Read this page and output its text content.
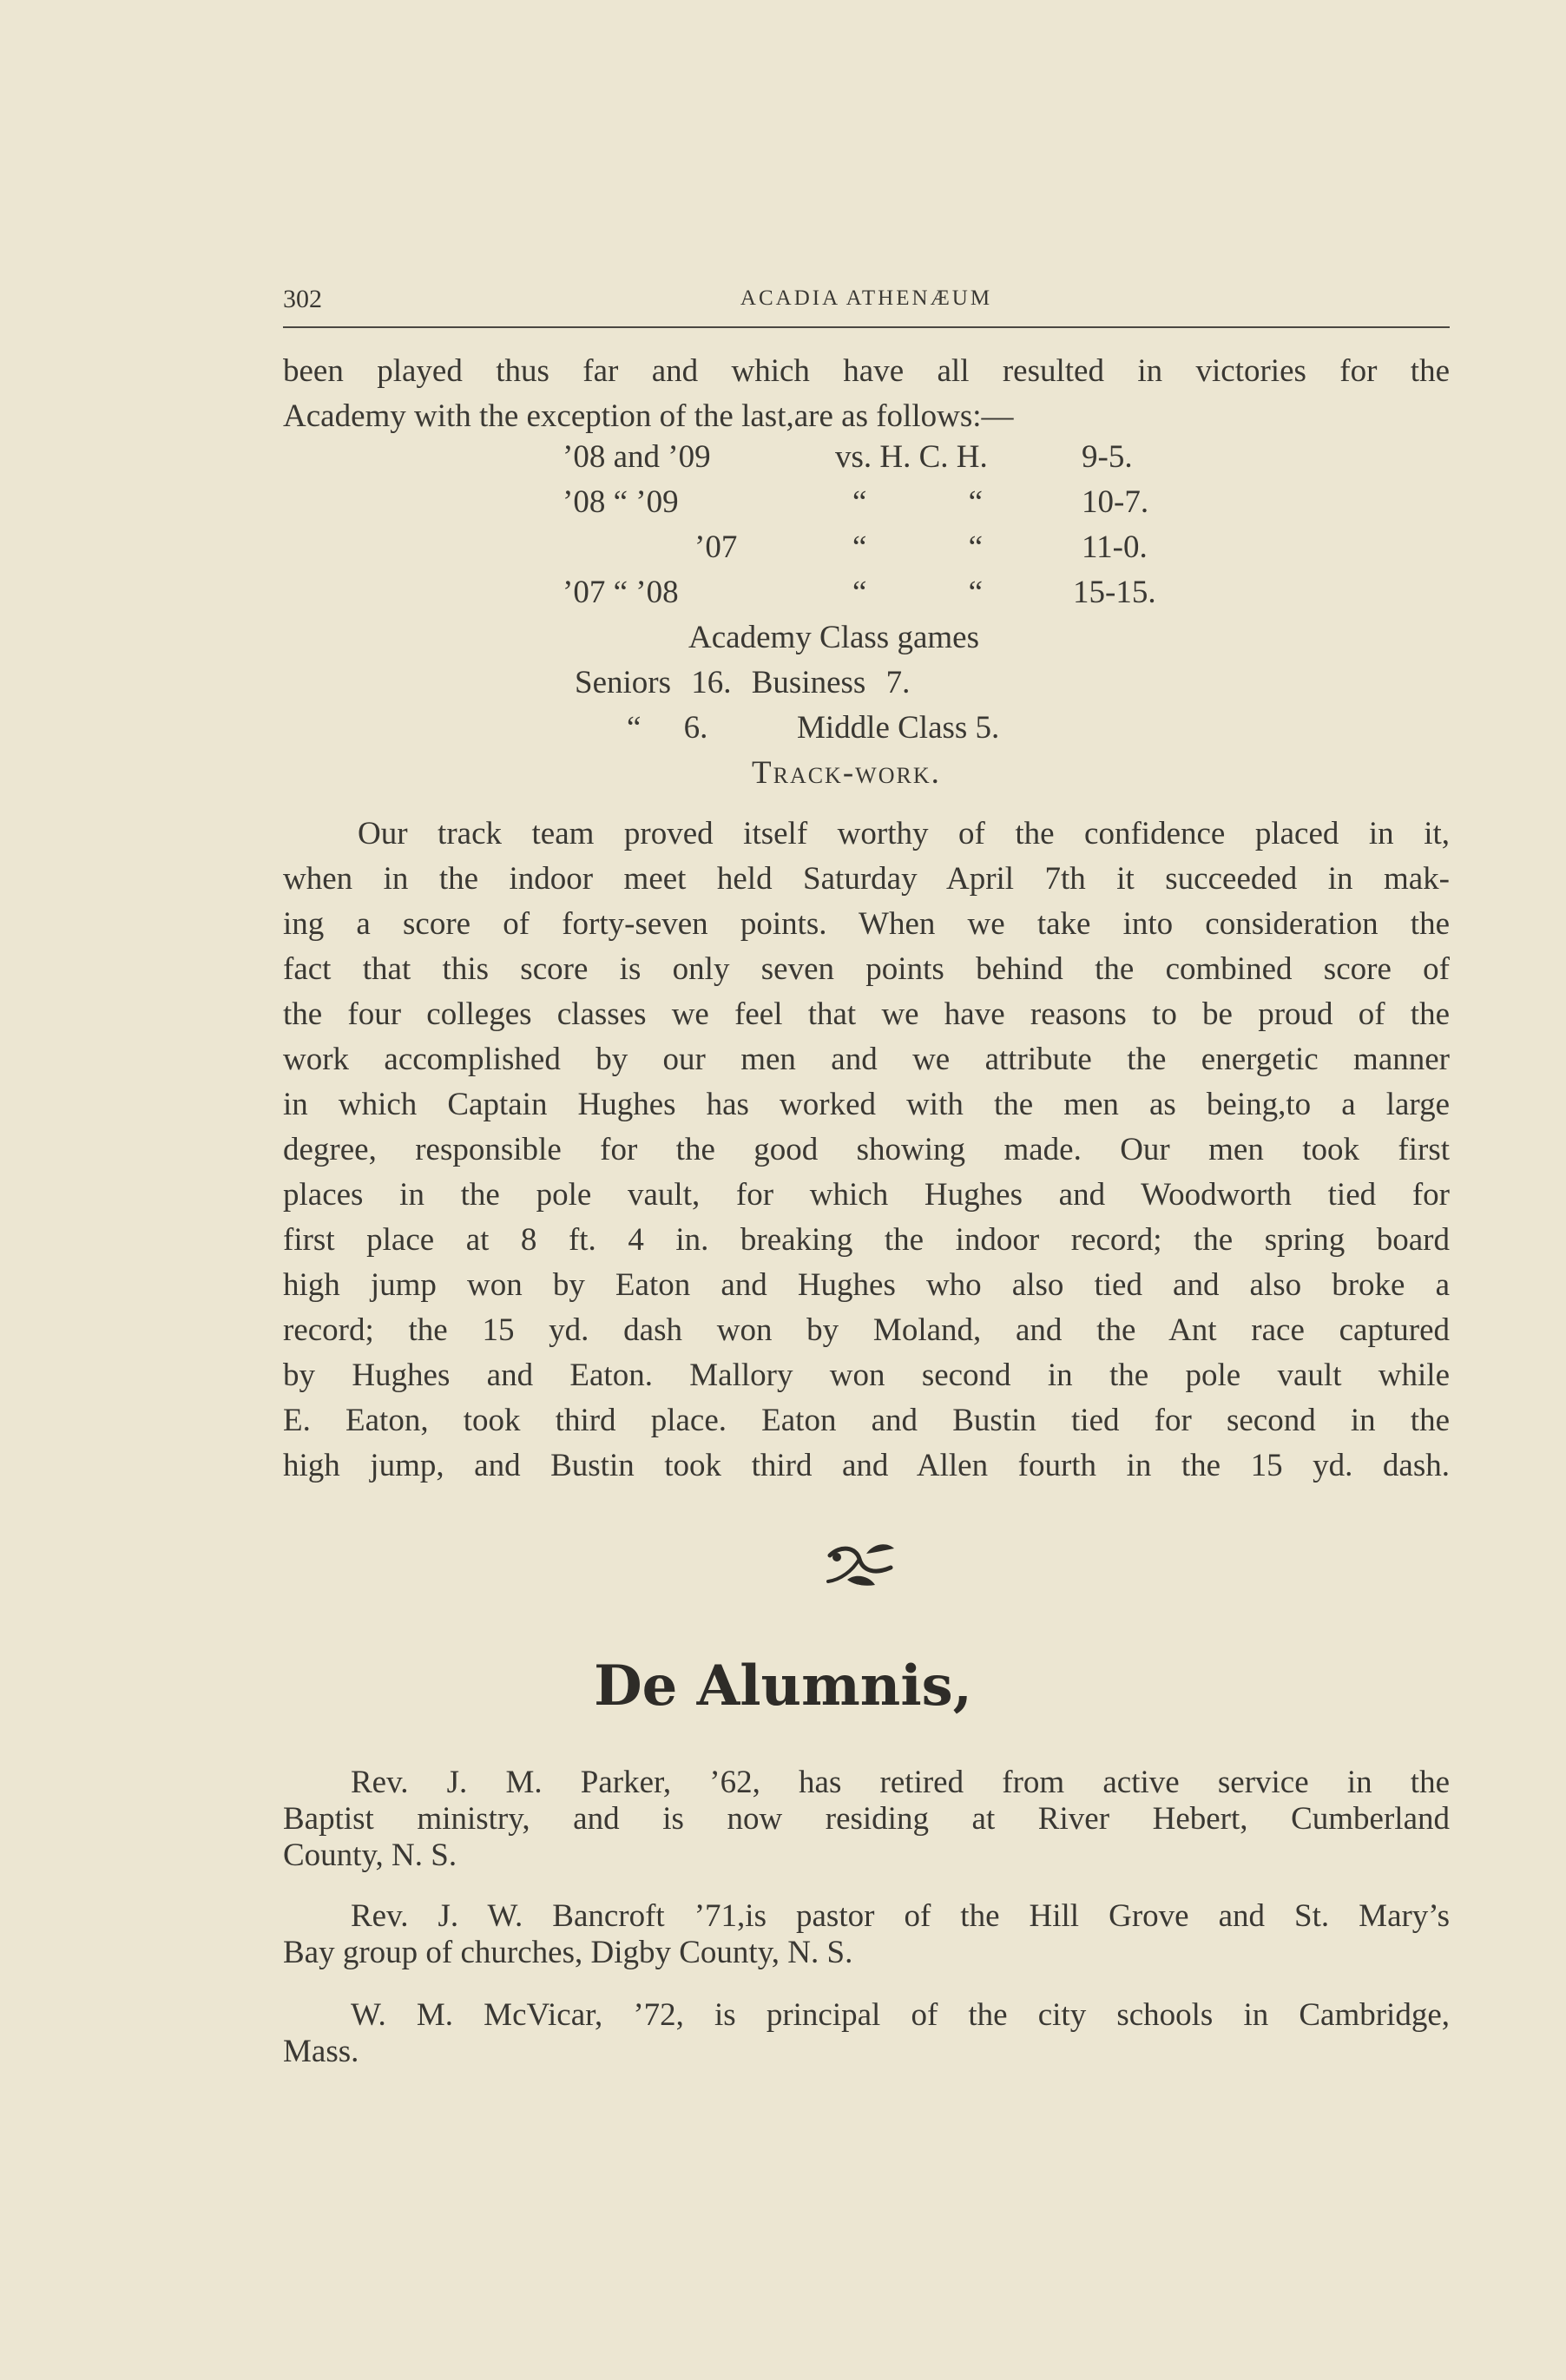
302	ACADIA ATHENÆUM
been played thus far and which have all resulted in victories for the
Academy with the exception of the last,are as follows:—
’08 and ’09	vs. H. C. H.	9-5.
’08 “ ’09	“ “	10-7.
’07	“ “	11-0.
’07 “ ’08	“ “	15-15.
Academy Class games
Seniors 16. Business 7.
“ 6.	Middle Class 5.
Track-work.
Our track team proved itself worthy of the confidence placed in it,
when in the indoor meet held Saturday April 7th it succeeded in mak-
ing a score of forty-seven points. When we take into consideration the
fact that this score is only seven points behind the combined score of
the four colleges classes we feel that we have reasons to be proud of the
work accomplished by our men and we attribute the energetic manner
in which Captain Hughes has worked with the men as being,to a large
degree, responsible for the good showing made. Our men took first
places in the pole vault, for which Hughes and Woodworth tied for
first place at 8 ft. 4 in. breaking the indoor record; the spring board
high jump won by Eaton and Hughes who also tied and also broke a
record; the 15 yd. dash won by Moland, and the Ant race captured
by Hughes and Eaton. Mallory won second in the pole vault while
E. Eaton, took third place. Eaton and Bustin tied for second in the
high jump, and Bustin took third and Allen fourth in the 15 yd. dash.
De Alumnis,
Rev. J. M. Parker, ’62, has retired from active service in the
Baptist ministry, and is now residing at River Hebert, Cumberland
County, N. S.
Rev. J. W. Bancroft ’71,is pastor of the Hill Grove and St. Mary’s
Bay group of churches, Digby County, N. S.
W. M. McVicar, ’72, is principal of the city schools in Cambridge,
Mass.
